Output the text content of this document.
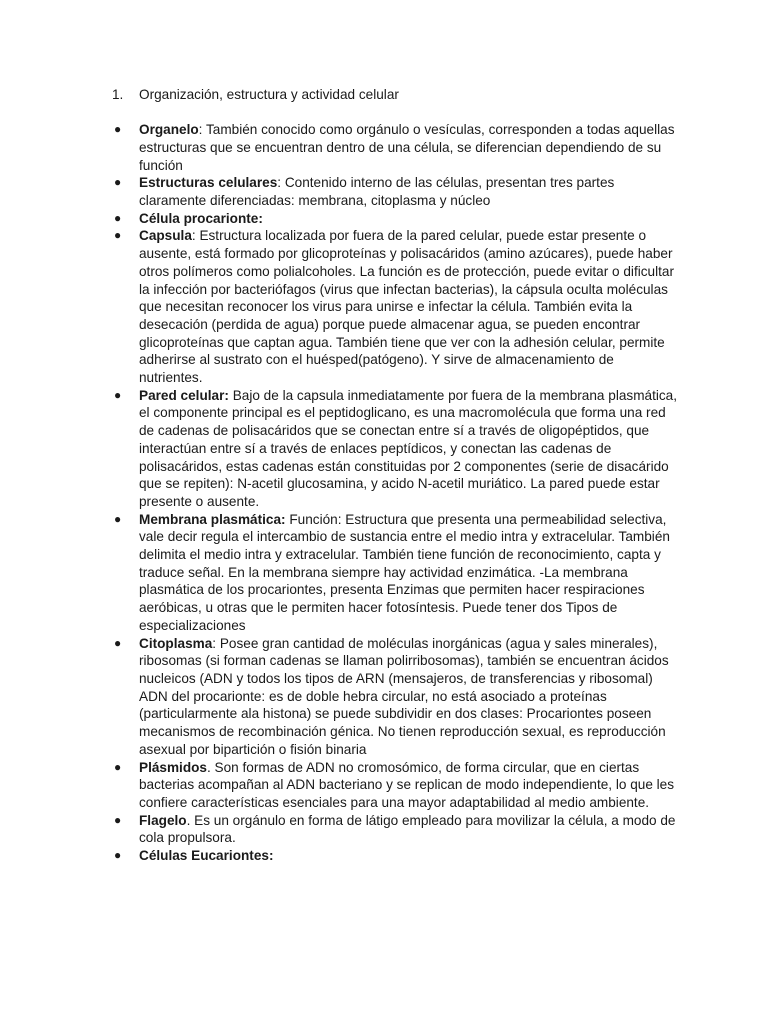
1. Organización, estructura y actividad celular
● Organelo: También conocido como orgánulo o vesículas, corresponden a todas aquellas estructuras que se encuentran dentro de una célula, se diferencian dependiendo de su función
● Estructuras celulares: Contenido interno de las células, presentan tres partes claramente diferenciadas: membrana, citoplasma y núcleo
● Célula procarionte:
● Capsula: Estructura localizada por fuera de la pared celular, puede estar presente o ausente, está formado por glicoproteínas y polisacáridos (amino azúcares), puede haber otros polímeros como polialcoholes. La función es de protección, puede evitar o dificultar la infección por bacteriófagos (virus que infectan bacterias), la cápsula oculta moléculas que necesitan reconocer los virus para unirse e infectar la célula. También evita la desecación (perdida de agua) porque puede almacenar agua, se pueden encontrar glicoproteínas que captan agua. También tiene que ver con la adhesión celular, permite adherirse al sustrato con el huésped(patógeno). Y sirve de almacenamiento de nutrientes.
● Pared celular: Bajo de la capsula inmediatamente por fuera de la membrana plasmática, el componente principal es el peptidoglicano, es una macromolécula que forma una red de cadenas de polisacáridos que se conectan entre sí a través de oligopéptidos, que interactúan entre sí a través de enlaces peptídicos, y conectan las cadenas de polisacáridos, estas cadenas están constituidas por 2 componentes (serie de disacárido que se repiten): N-acetil glucosamina, y acido N-acetil muriático. La pared puede estar presente o ausente.
● Membrana plasmática: Función: Estructura que presenta una permeabilidad selectiva, vale decir regula el intercambio de sustancia entre el medio intra y extracelular. También delimita el medio intra y extracelular. También tiene función de reconocimiento, capta y traduce señal. En la membrana siempre hay actividad enzimática. -La membrana plasmática de los procariontes, presenta Enzimas que permiten hacer respiraciones aeróbicas, u otras que le permiten hacer fotosíntesis. Puede tener dos Tipos de especializaciones
● Citoplasma: Posee gran cantidad de moléculas inorgánicas (agua y sales minerales), ribosomas (si forman cadenas se llaman polirribosomas), también se encuentran ácidos nucleicos (ADN y todos los tipos de ARN (mensajeros, de transferencias y ribosomal) ADN del procarionte: es de doble hebra circular, no está asociado a proteínas (particularmente ala histona) se puede subdividir en dos clases: Procariontes poseen mecanismos de recombinación génica. No tienen reproducción sexual, es reproducción asexual por bipartición o fisión binaria
● Plásmidos. Son formas de ADN no cromosómico, de forma circular, que en ciertas bacterias acompañan al ADN bacteriano y se replican de modo independiente, lo que les confiere características esenciales para una mayor adaptabilidad al medio ambiente.
● Flagelo. Es un orgánulo en forma de látigo empleado para movilizar la célula, a modo de cola propulsora.
● Células Eucariontes:
